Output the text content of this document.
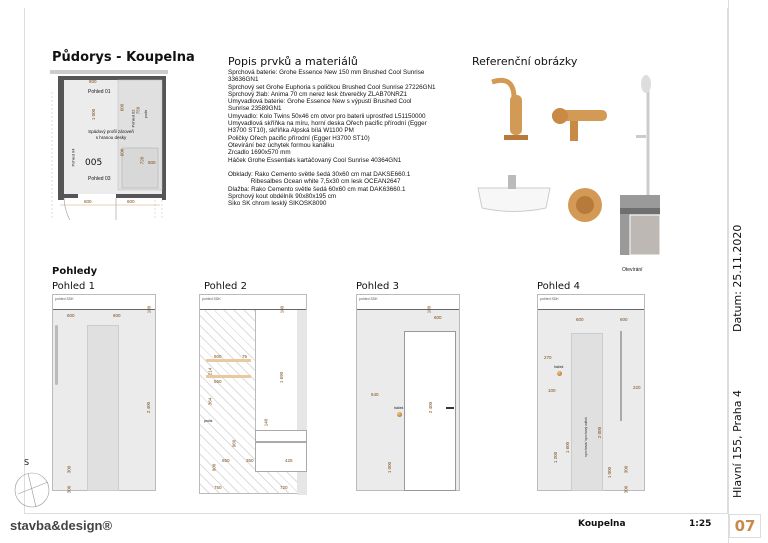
Půdorys - Koupelna
800
Pohled 01
1 000
600 750
Pohled 02 prolis
Spádový profil zároveň s hranou desky
Pohled 04	600
720 500
005
Pohled 03
600	600
Popis prvků a materiálů
Sprchová baterie: Grohe Essence New 150 mm Brushed Cool Sunrise
33636GN1
Sprchový set Grohe Euphoria s poličkou Brushed Cool Sunrise 27226GN1
Sprchový žlab: Anima 70 cm nerez lesk čtverečky ZLAB70NRZ1
Umyvadlová baterie: Grohe Essence New s výpustí Brushed Cool
Sunrise 23589GN1
Umyvadlo: Kolo Twins 50x46 cm otvor pro baterii uprostřed L51150000
Umyvadlová skříňka na míru, horní deska Ořech pacific přírodní (Egger
H3700 ST10), skříňka Alpská bílá W1100 PM
Poličky Ořech pacific přírodní (Egger H3700 ST10)
Otevírání bez úchytek formou kanálku
Zrcadlo 1690x570 mm
Háček Grohe Essentials kartáčovaný Cool Sunrise 40364GN1
Obklady: Rako Cemento světle šedá 30x60 cm mat DAKSE660.1
Ribesalbes Ocean white 7,5x30 cm lesk OCEAN2647
Dlažba: Rako Cemento světle šedá 60x60 cm mat DAK63660.1
Sprchový kout obdélník 90x80x195 cm
Siko SK chrom lesklý SIKOSK8090
Referenční obrázky
Otevírání
Pohledy
Pohled 1	Pohled 2	Pohled 3	Pohled 4
pohled SDK
600	600
180
2 400
300
300
pohled SDK
180
600	75
214
550
364
1 690
140
prolis
960
900
650	350	425
750	720
pohled SDK
háček
180
600
540
2 400
1 000
pohled SDK
háček
sprchová/ sprchový odtok
600	600
270
100
220
2 000
1 600
1 200
1 000 300
300
S
Datum: 25.11.2020
Hlavní 155, Praha 4
stavba&design®	Koupelna	1:25	07
